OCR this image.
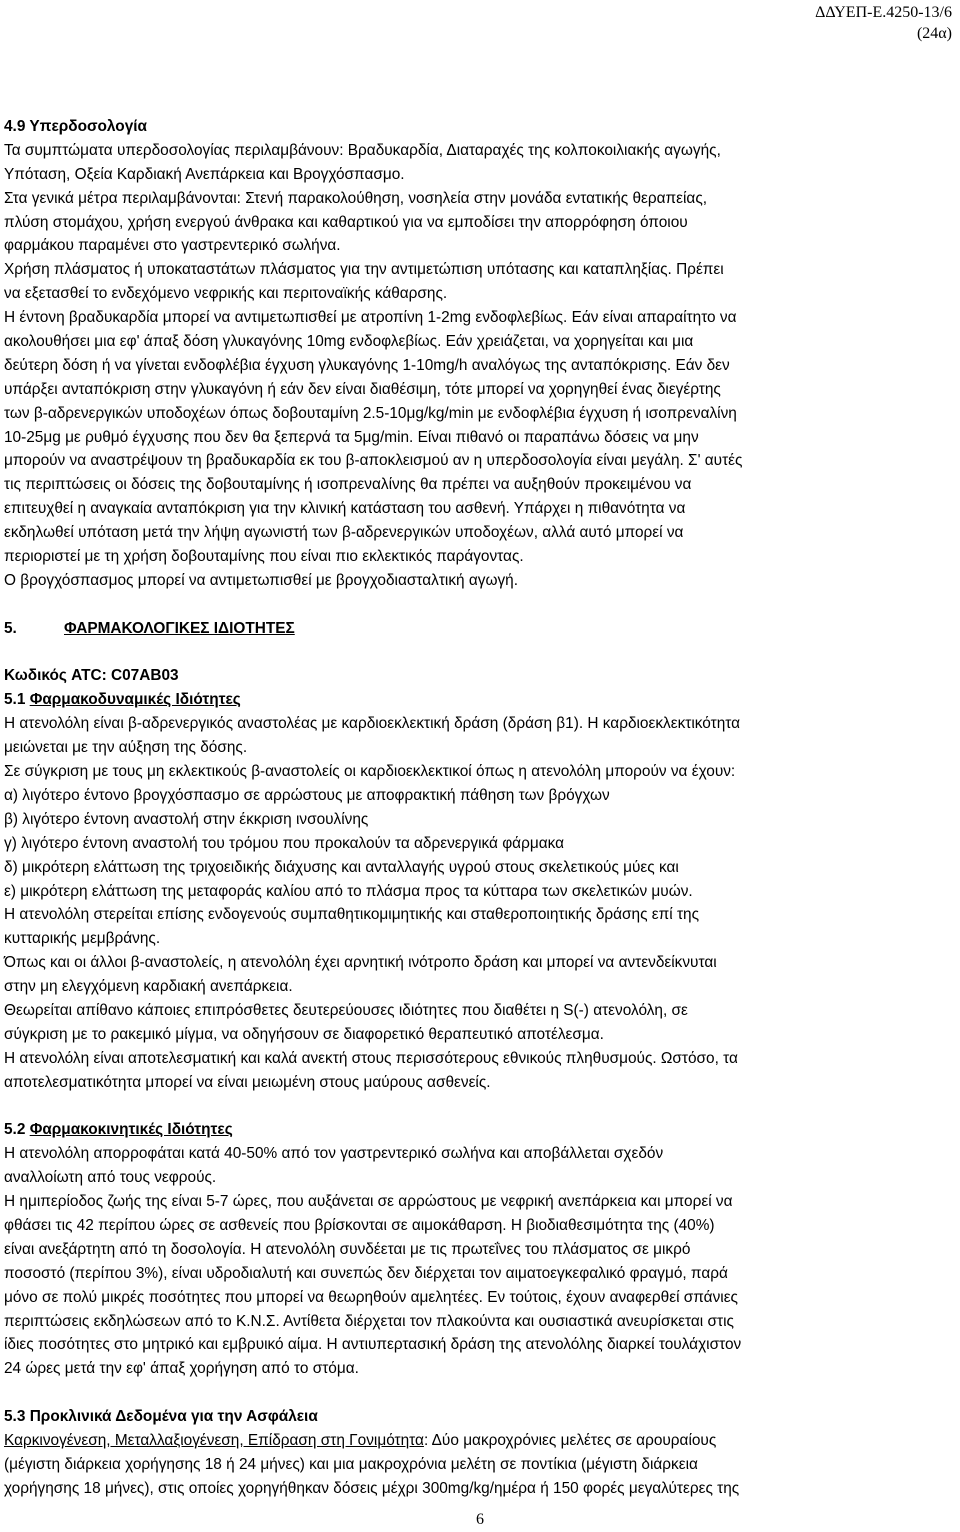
ΔΔΥΕΠ-Ε.4250-13/6
(24α)
4.9 Υπερδοσολογία
Τα συμπτώματα υπερδοσολογίας περιλαμβάνουν: Βραδυκαρδία, Διαταραχές της κολποκοιλιακής αγωγής,
Υπόταση, Οξεία Καρδιακή Ανεπάρκεια και Βρογχόσπασμο.
Στα γενικά μέτρα περιλαμβάνονται: Στενή παρακολούθηση, νοσηλεία στην μονάδα εντατικής θεραπείας,
πλύση στομάχου, χρήση ενεργού άνθρακα και καθαρτικού για να εμποδίσει την απορρόφηση όποιου
φαρμάκου παραμένει στο γαστρεντερικό σωλήνα.
Χρήση πλάσματος ή υποκαταστάτων πλάσματος για την αντιμετώπιση υπότασης και καταπληξίας. Πρέπει
να εξετασθεί το ενδεχόμενο νεφρικής και περιτοναϊκής κάθαρσης.
Η έντονη βραδυκαρδία μπορεί να αντιμετωπισθεί με ατροπίνη 1-2mg ενδοφλεβίως. Εάν είναι απαραίτητο να
ακολουθήσει μια εφ' άπαξ δόση γλυκαγόνης 10mg ενδοφλεβίως. Εάν χρειάζεται, να χορηγείται και μια
δεύτερη δόση ή να γίνεται ενδοφλέβια έγχυση γλυκαγόνης 1-10mg/h αναλόγως της ανταπόκρισης. Εάν δεν
υπάρξει ανταπόκριση στην γλυκαγόνη ή εάν δεν είναι διαθέσιμη, τότε μπορεί να χορηγηθεί ένας διεγέρτης
των β-αδρενεργικών υποδοχέων όπως δοβουταμίνη 2.5-10μg/kg/min με ενδοφλέβια έγχυση ή ισοπρεναλίνη
10-25μg με ρυθμό έγχυσης που δεν θα ξεπερνά τα 5μg/min. Είναι πιθανό οι παραπάνω δόσεις να μην
μπορούν να αναστρέψουν τη βραδυκαρδία εκ του β-αποκλεισμού αν η υπερδοσολογία είναι μεγάλη. Σ' αυτές
τις περιπτώσεις οι δόσεις της δοβουταμίνης ή ισοπρεναλίνης θα πρέπει να αυξηθούν προκειμένου να
επιτευχθεί η αναγκαία ανταπόκριση για την κλινική κατάσταση του ασθενή. Υπάρχει η πιθανότητα να
εκδηλωθεί υπόταση μετά την λήψη αγωνιστή των β-αδρενεργικών υποδοχέων, αλλά αυτό μπορεί να
περιοριστεί με τη χρήση δοβουταμίνης που είναι πιο εκλεκτικός παράγοντας.
Ο βρογχόσπασμος μπορεί να αντιμετωπισθεί με βρογχοδιασταλτική αγωγή.
5.	ΦΑΡΜΑΚΟΛΟΓΙΚΕΣ ΙΔΙΟΤΗΤΕΣ
Κωδικός ATC: C07AB03
5.1 Φαρμακοδυναμικές Ιδιότητες
Η ατενολόλη είναι β-αδρενεργικός αναστολέας με καρδιοεκλεκτική δράση (δράση β1). Η καρδιοεκλεκτικότητα
μειώνεται με την αύξηση της δόσης.
Σε σύγκριση με τους μη εκλεκτικούς β-αναστολείς οι καρδιοεκλεκτικοί όπως η ατενολόλη μπορούν να έχουν:
α) λιγότερο έντονο βρογχόσπασμο σε αρρώστους με αποφρακτική πάθηση των βρόγχων
β) λιγότερο έντονη αναστολή στην έκκριση ινσουλίνης
γ) λιγότερο έντονη αναστολή του τρόμου που προκαλούν τα αδρενεργικά φάρμακα
δ) μικρότερη ελάττωση της τριχοειδικής διάχυσης και ανταλλαγής υγρού στους σκελετικούς μύες και
ε) μικρότερη ελάττωση της μεταφοράς καλίου από το πλάσμα προς τα κύτταρα των σκελετικών μυών.
Η ατενολόλη στερείται επίσης ενδογενούς συμπαθητικομιμητικής και σταθεροποιητικής δράσης επί της
κυτταρικής μεμβράνης.
Όπως και οι άλλοι β-αναστολείς, η ατενολόλη έχει αρνητική ινότροπο δράση και μπορεί να αντενδείκνυται
στην μη ελεγχόμενη καρδιακή ανεπάρκεια.
Θεωρείται απίθανο κάποιες επιπρόσθετες δευτερεύουσες ιδιότητες που διαθέτει η S(-) ατενολόλη, σε
σύγκριση με το ρακεμικό μίγμα, να οδηγήσουν σε διαφορετικό θεραπευτικό αποτέλεσμα.
Η ατενολόλη είναι αποτελεσματική και καλά ανεκτή στους περισσότερους εθνικούς πληθυσμούς. Ωστόσο, τα
αποτελεσματικότητα μπορεί να είναι μειωμένη στους μαύρους ασθενείς.
5.2 Φαρμακοκινητικές Ιδιότητες
Η ατενολόλη απορροφάται κατά 40-50% από τον γαστρεντερικό σωλήνα και αποβάλλεται σχεδόν
αναλλοίωτη από τους νεφρούς.
Η ημιπερίοδος ζωής της είναι 5-7 ώρες, που αυξάνεται σε αρρώστους με νεφρική ανεπάρκεια και μπορεί να
φθάσει τις 42 περίπου ώρες σε ασθενείς που βρίσκονται σε αιμοκάθαρση. Η βιοδιαθεσιμότητα της (40%)
είναι ανεξάρτητη από τη δοσολογία. Η ατενολόλη συνδέεται με τις πρωτεΐνες του πλάσματος σε μικρό
ποσοστό (περίπου 3%), είναι υδροδιαλυτή και συνεπώς δεν διέρχεται τον αιματοεγκεφαλικό φραγμό, παρά
μόνο σε πολύ μικρές ποσότητες που μπορεί να θεωρηθούν αμελητέες. Εν τούτοις, έχουν αναφερθεί σπάνιες
περιπτώσεις εκδηλώσεων από το Κ.Ν.Σ. Αντίθετα διέρχεται τον πλακούντα και ουσιαστικά ανευρίσκεται στις
ίδιες ποσότητες στο μητρικό και εμβρυικό αίμα. Η αντιυπερτασική δράση της ατενολόλης διαρκεί τουλάχιστον
24 ώρες μετά την εφ' άπαξ χορήγηση από το στόμα.
5.3 Προκλινικά Δεδομένα για την Ασφάλεια
Καρκινογένεση, Μεταλλαξιογένεση, Επίδραση στη Γονιμότητα: Δύο μακροχρόνιες μελέτες σε αρουραίους
(μέγιστη διάρκεια χορήγησης 18 ή 24 μήνες) και μια μακροχρόνια μελέτη σε ποντίκια (μέγιστη διάρκεια
χορήγησης 18 μήνες), στις οποίες χορηγήθηκαν δόσεις μέχρι 300mg/kg/ημέρα ή 150 φορές μεγαλύτερες της
6
